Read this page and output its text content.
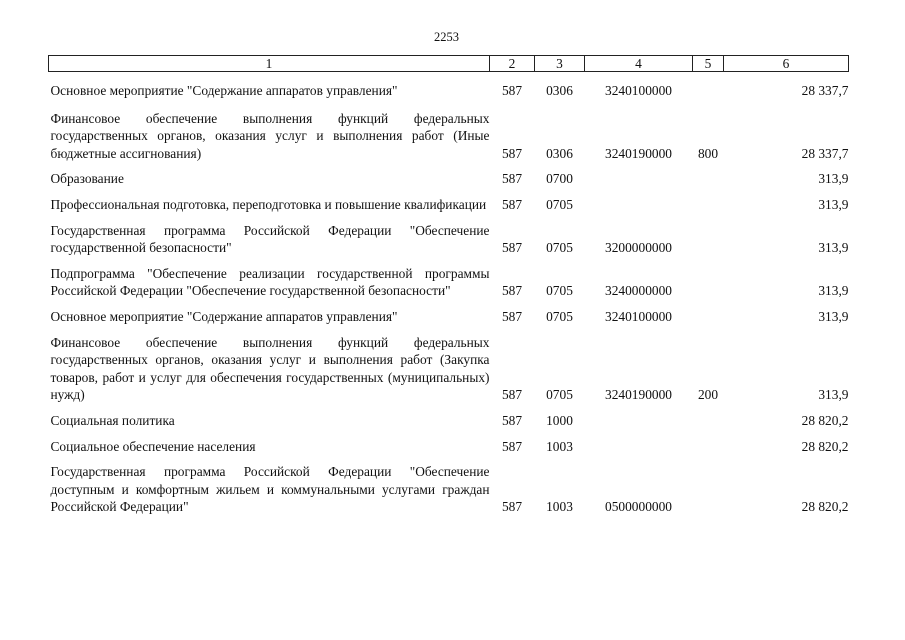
2253
1	2	3	4	5	6
Основное мероприятие "Содержание аппаратов управления"	587	0306	3240100000		28 337,7
Финансовое обеспечение выполнения функций федеральных государственных органов, оказания услуг и выполнения работ (Иные бюджетные ассигнования)	587	0306	3240190000	800	28 337,7
Образование	587	0700			313,9
Профессиональная подготовка, переподготовка и повышение квалификации	587	0705			313,9
Государственная программа Российской Федерации "Обеспечение государственной безопасности"	587	0705	3200000000		313,9
Подпрограмма "Обеспечение реализации государственной программы Российской Федерации "Обеспечение государственной безопасности"	587	0705	3240000000		313,9
Основное мероприятие "Содержание аппаратов управления"	587	0705	3240100000		313,9
Финансовое обеспечение выполнения функций федеральных государственных органов, оказания услуг и выполнения работ (Закупка товаров, работ и услуг для обеспечения государственных (муниципальных) нужд)	587	0705	3240190000	200	313,9
Социальная политика	587	1000			28 820,2
Социальное обеспечение населения	587	1003			28 820,2
Государственная программа Российской Федерации "Обеспечение доступным и комфортным жильем и коммунальными услугами граждан Российской Федерации"	587	1003	0500000000		28 820,2
